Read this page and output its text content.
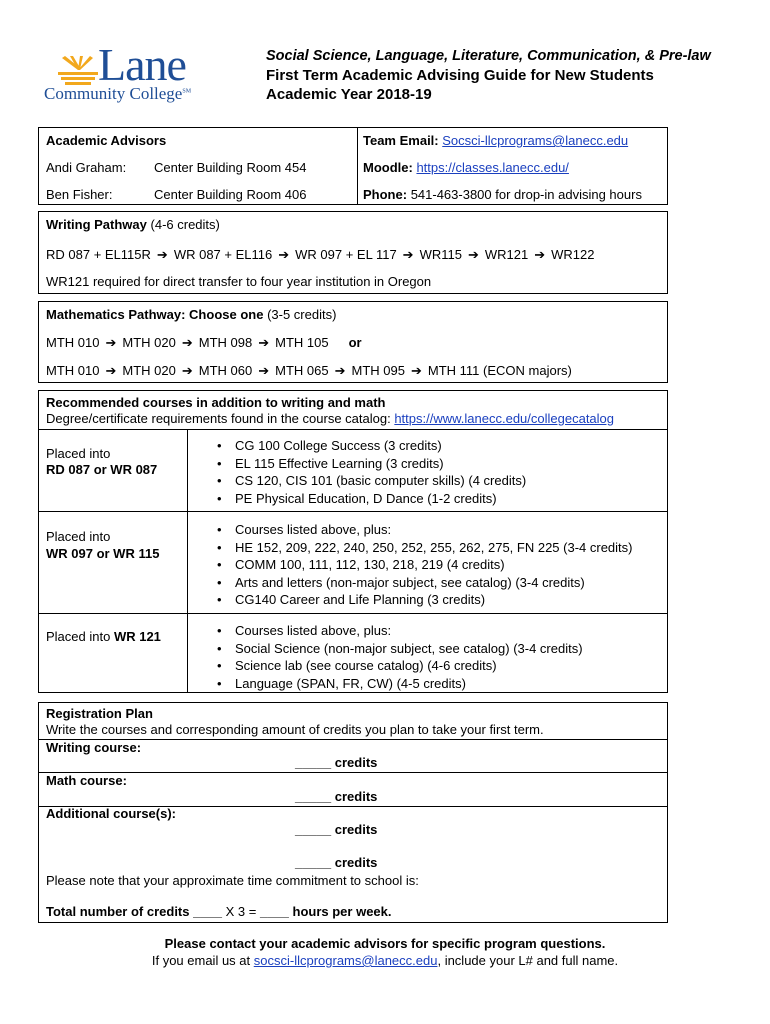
Lane
Community College℠
Social Science, Language, Literature, Communication, & Pre-law
First Term Academic Advising Guide for New Students
Academic Year 2018-19
Academic Advisors	Team Email: Socsci-llcprograms@lanecc.edu
Andi Graham: Center Building Room 454	Moodle: https://classes.lanecc.edu/
Ben Fisher:	Center Building Room 406	Phone: 541-463-3800 for drop-in advising hours
Writing Pathway (4-6 credits)
RD 087 + EL115R ➔ WR 087 + EL116 ➔ WR 097 + EL 117 ➔ WR115 ➔ WR121 ➔ WR122
WR121 required for direct transfer to four year institution in Oregon
Mathematics Pathway: Choose one (3-5 credits)
MTH 010 ➔ MTH 020 ➔ MTH 098 ➔ MTH 105 or
MTH 010 ➔ MTH 020 ➔ MTH 060 ➔ MTH 065 ➔ MTH 095 ➔ MTH 111 (ECON majors)
Recommended courses in addition to writing and math
Degree/certificate requirements found in the course catalog: https://www.lanecc.edu/collegecatalog
Placed into
RD 087 or WR 087
• CG 100 College Success (3 credits)
• EL 115 Effective Learning (3 credits)
• CS 120, CIS 101 (basic computer skills) (4 credits)
• PE Physical Education, D Dance (1-2 credits)
Placed into
WR 097 or WR 115
• Courses listed above, plus:
• HE 152, 209, 222, 240, 250, 252, 255, 262, 275, FN 225 (3-4 credits)
• COMM 100, 111, 112, 130, 218, 219 (4 credits)
• Arts and letters (non-major subject, see catalog) (3-4 credits)
• CG140 Career and Life Planning (3 credits)
Placed into WR 121
•	Courses listed above, plus:
• Social Science (non-major subject, see catalog) (3-4 credits)
• Science lab (see course catalog) (4-6 credits)
• Language (SPAN, FR, CW) (4-5 credits)
Registration Plan
Write the courses and corresponding amount of credits you plan to take your first term.
Writing course:
_____ credits
Math course:
_____ credits
Additional course(s):
_____ credits
_____ credits
Please note that your approximate time commitment to school is:
Total number of credits ____ X 3 = ____ hours per week.
Please contact your academic advisors for specific program questions.
If you email us at socsci-llcprograms@lanecc.edu, include your L# and full name.
